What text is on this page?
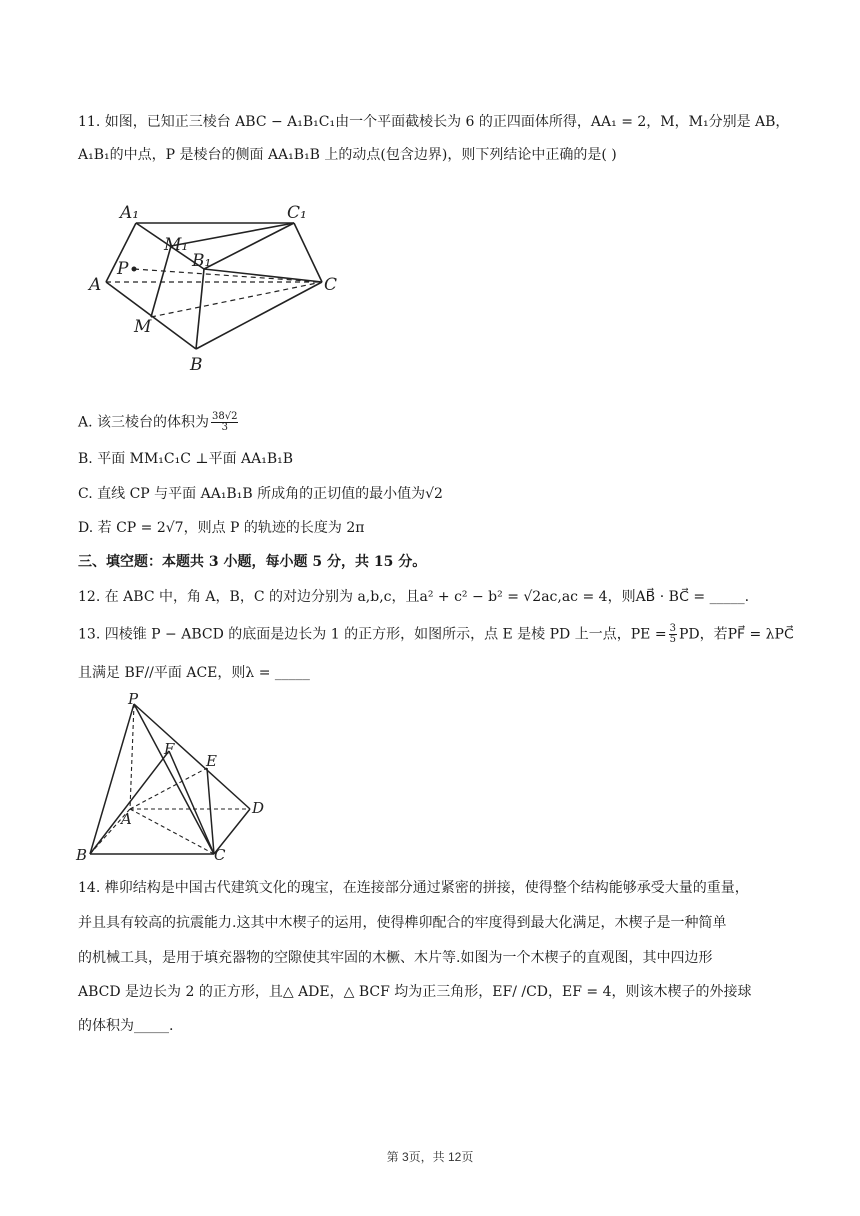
11. 如图，已知正三棱台 ABC − A₁B₁C₁由一个平面截棱长为 6 的正四面体所得，AA₁ = 2，M，M₁分别是 AB，
A₁B₁的中点，P 是棱台的侧面 AA₁B₁B 上的动点(包含边界)，则下列结论中正确的是( )
A₁	C₁
M₁
B₁
P
A	C
M
B
A. 该三棱台的体积为 $\frac{38√2}{3}$
B. 平面 MM₁C₁C ⊥平面 AA₁B₁B
C. 直线 CP 与平面 AA₁B₁B 所成角的正切值的最小值为√2
D. 若 CP = 2√7，则点 P 的轨迹的长度为 2π
三、填空题：本题共 3 小题，每小题 5 分，共 15 分。
12. 在 ABC 中，角 A，B，C 的对边分别为 a,b,c，且a² + c² − b² = √2ac,ac = 4，则AB⃗ · BC⃗ = _____.
13. 四棱锥 P − ABCD 的底面是边长为 1 的正方形，如图所示，点 E 是棱 PD 上一点，PE = $\frac{3}{5}$ PD，若PF⃗ = λPC⃗
且满足 BF//平面 ACE，则λ = _____
P
F
E
A
D
B	C
14. 榫卯结构是中国古代建筑文化的瑰宝，在连接部分通过紧密的拼接，使得整个结构能够承受大量的重量，
并且具有较高的抗震能力.这其中木楔子的运用，使得榫卯配合的牢度得到最大化满足，木楔子是一种简单
的机械工具，是用于填充器物的空隙使其牢固的木橛、木片等.如图为一个木楔子的直观图，其中四边形
ABCD 是边长为 2 的正方形，且△ ADE，△ BCF 均为正三角形，EF/ /CD，EF = 4，则该木楔子的外接球
的体积为_____.
第 3页，共 12页
